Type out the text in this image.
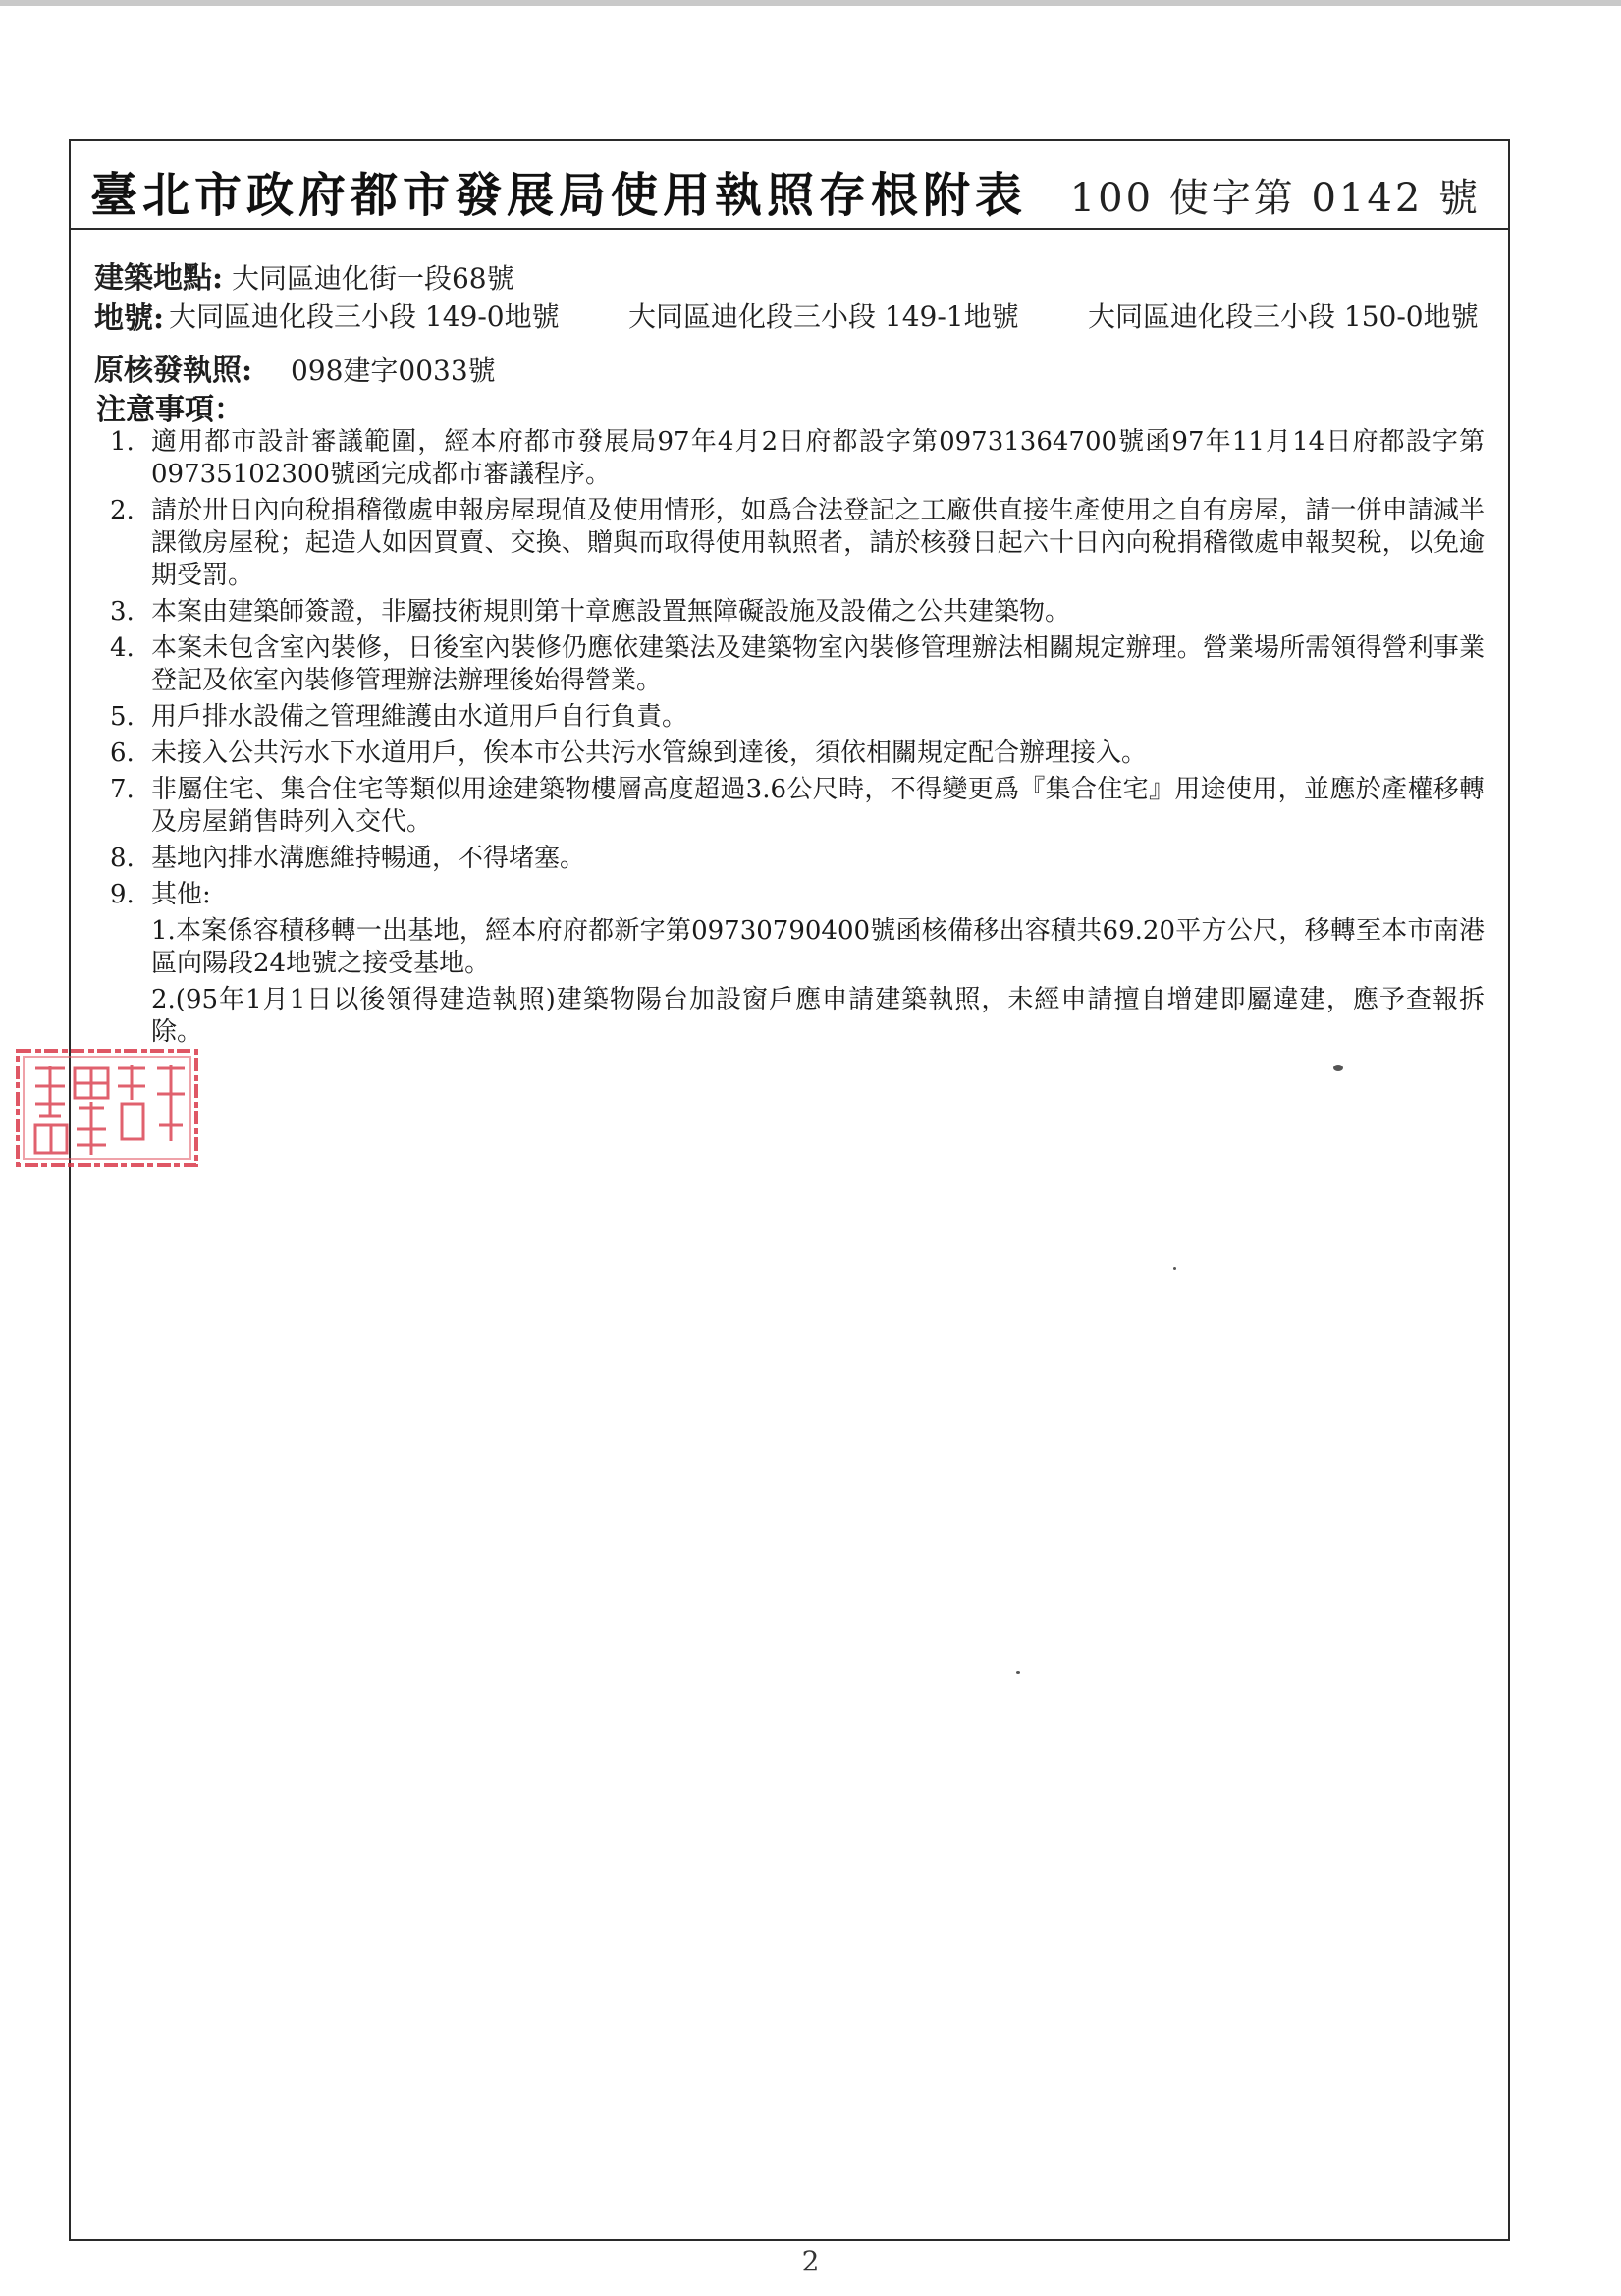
臺北市政府都市發展局使用執照存根附表 100 使字第 0142 號
建築地點: 大同區迪化街一段68號
地號: 大同區迪化段三小段 149-0地號	大同區迪化段三小段 149-1地號	大同區迪化段三小段 150-0地號
原核發執照: 098建字0033號
注意事項：
1. 適用都市設計審議範圍，經本府都市發展局97年4月2日府都設字第09731364700號函97年11月14日府都設字第09735102300號函完成都市審議程序。
2. 請於卅日內向稅捐稽徵處申報房屋現值及使用情形，如爲合法登記之工廠供直接生產使用之自有房屋，請一併申請減半課徵房屋稅；起造人如因買賣、交換、贈與而取得使用執照者，請於核發日起六十日內向稅捐稽徵處申報契稅，以免逾期受罰。
3. 本案由建築師簽證，非屬技術規則第十章應設置無障礙設施及設備之公共建築物。
4. 本案未包含室內裝修，日後室內裝修仍應依建築法及建築物室內裝修管理辦法相關規定辦理。營業場所需領得營利事業登記及依室內裝修管理辦法辦理後始得營業。
5. 用戶排水設備之管理維護由水道用戶自行負責。
6. 未接入公共污水下水道用戶，俟本市公共污水管線到達後，須依相關規定配合辦理接入。
7. 非屬住宅、集合住宅等類似用途建築物樓層高度超過3.6公尺時，不得變更爲『集合住宅』用途使用，並應於產權移轉及房屋銷售時列入交代。
8. 基地內排水溝應維持暢通，不得堵塞。
9. 其他:
1.本案係容積移轉一出基地，經本府府都新字第09730790400號函核備移出容積共69.20平方公尺，移轉至本市南港區向陽段24地號之接受基地。
2.(95年1月1日以後領得建造執照)建築物陽台加設窗戶應申請建築執照，未經申請擅自增建即屬違建，應予查報拆除。
臺北市政府都市發展局用印
2
